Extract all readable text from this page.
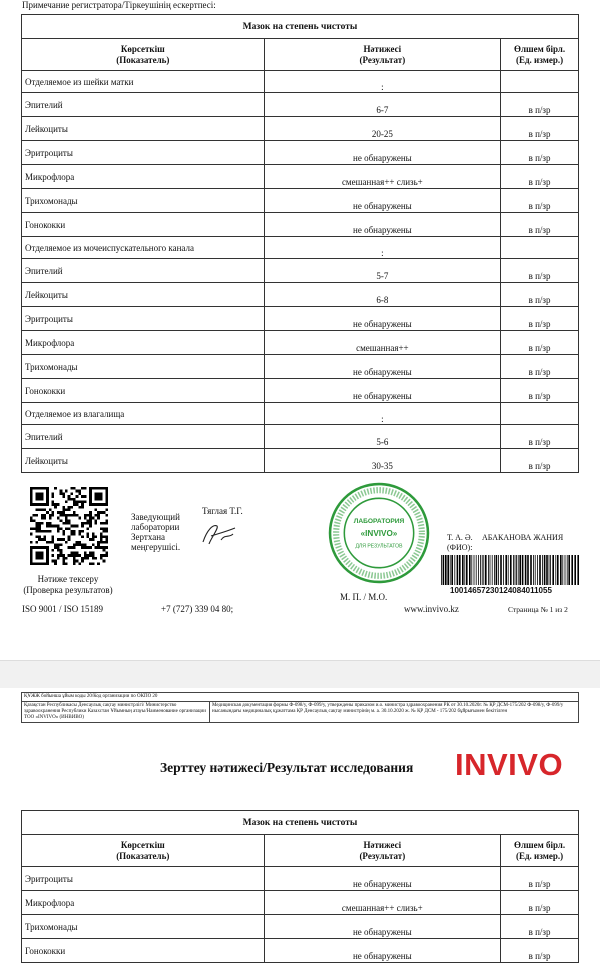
Примечание регистратора/Тіркеушінің ескертпесі:
Мазок на степень чистоты		
Көрсеткіш
(Показатель)	Нәтижесі
(Результат)	Өлшем бірл.
(Ед. измер.)
Отделяемое из шейки матки	:	
Эпителий	6-7	в п/зр
Лейкоциты	20-25	в п/зр
Эритроциты	не обнаружены	в п/зр
Микрофлора	смешанная++ слизь+	в п/зр
Трихомонады	не обнаружены	в п/зр
Гонококки	не обнаружены	в п/зр
Отделяемое из мочеиспускательного канала	:	
Эпителий	5-7	в п/зр
Лейкоциты	6-8	в п/зр
Эритроциты	не обнаружены	в п/зр
Микрофлора	смешанная++	в п/зр
Трихомонады	не обнаружены	в п/зр
Гонококки	не обнаружены	в п/зр
Отделяемое из влагалища	:	
Эпителий	5-6	в п/зр
Лейкоциты	30-35	в п/зр
Нәтиже тексеру
(Проверка результатов)
Заведующий
лаборатории
Зертхана
меңгерушісі.
Тяглая Т.Г.
ЛАБОРАТОРИЯ
«INVIVO»
ДЛЯ РЕЗУЛЬТАТОВ
М. П. / М.О.
Т. А. Ә.
(ФИО):
АБАКАНОВА ЖАНИЯ
10014657230124084011055
ISO 9001 / ISO 15189	+7 (727) 339 04 80;	www.invivo.kz	Страница № 1 из 2
ҚҰЖЖ бойынша ұйым коды 20/Код организации по ОКПО 20
Қазақстан Республикасы Денсаулық сақтау министрлігі/ Министерство здравоохранения Республики Казахстан Ұйымның атауы/Наименование организации ТОО «INVIVO» (ИНВИВО)
Медицинская документация формы Ф-098/у, Ф-099/у, утверждены приказом и.о. министра здравоохранения РК от 30.10.2020г. № ҚР ДСМ-175/202 Ф-098/у, Ф-099/у нысанындағы медициналық құжаттама ҚР Денсаулық сақтау министрінің м. а. 30.10.2020 ж. № ҚР ДСМ - 175/202 бұйрығымен бекітілген
Зерттеу нәтижесі/Результат исследования INVIVO
Мазок на степень чистоты		
Көрсеткіш
(Показатель)	Нәтижесі
(Результат)	Өлшем бірл.
(Ед. измер.)
Эритроциты	не обнаружены	в п/зр
Микрофлора	смешанная++ слизь+	в п/зр
Трихомонады	не обнаружены	в п/зр
Гонококки	не обнаружены	в п/зр
